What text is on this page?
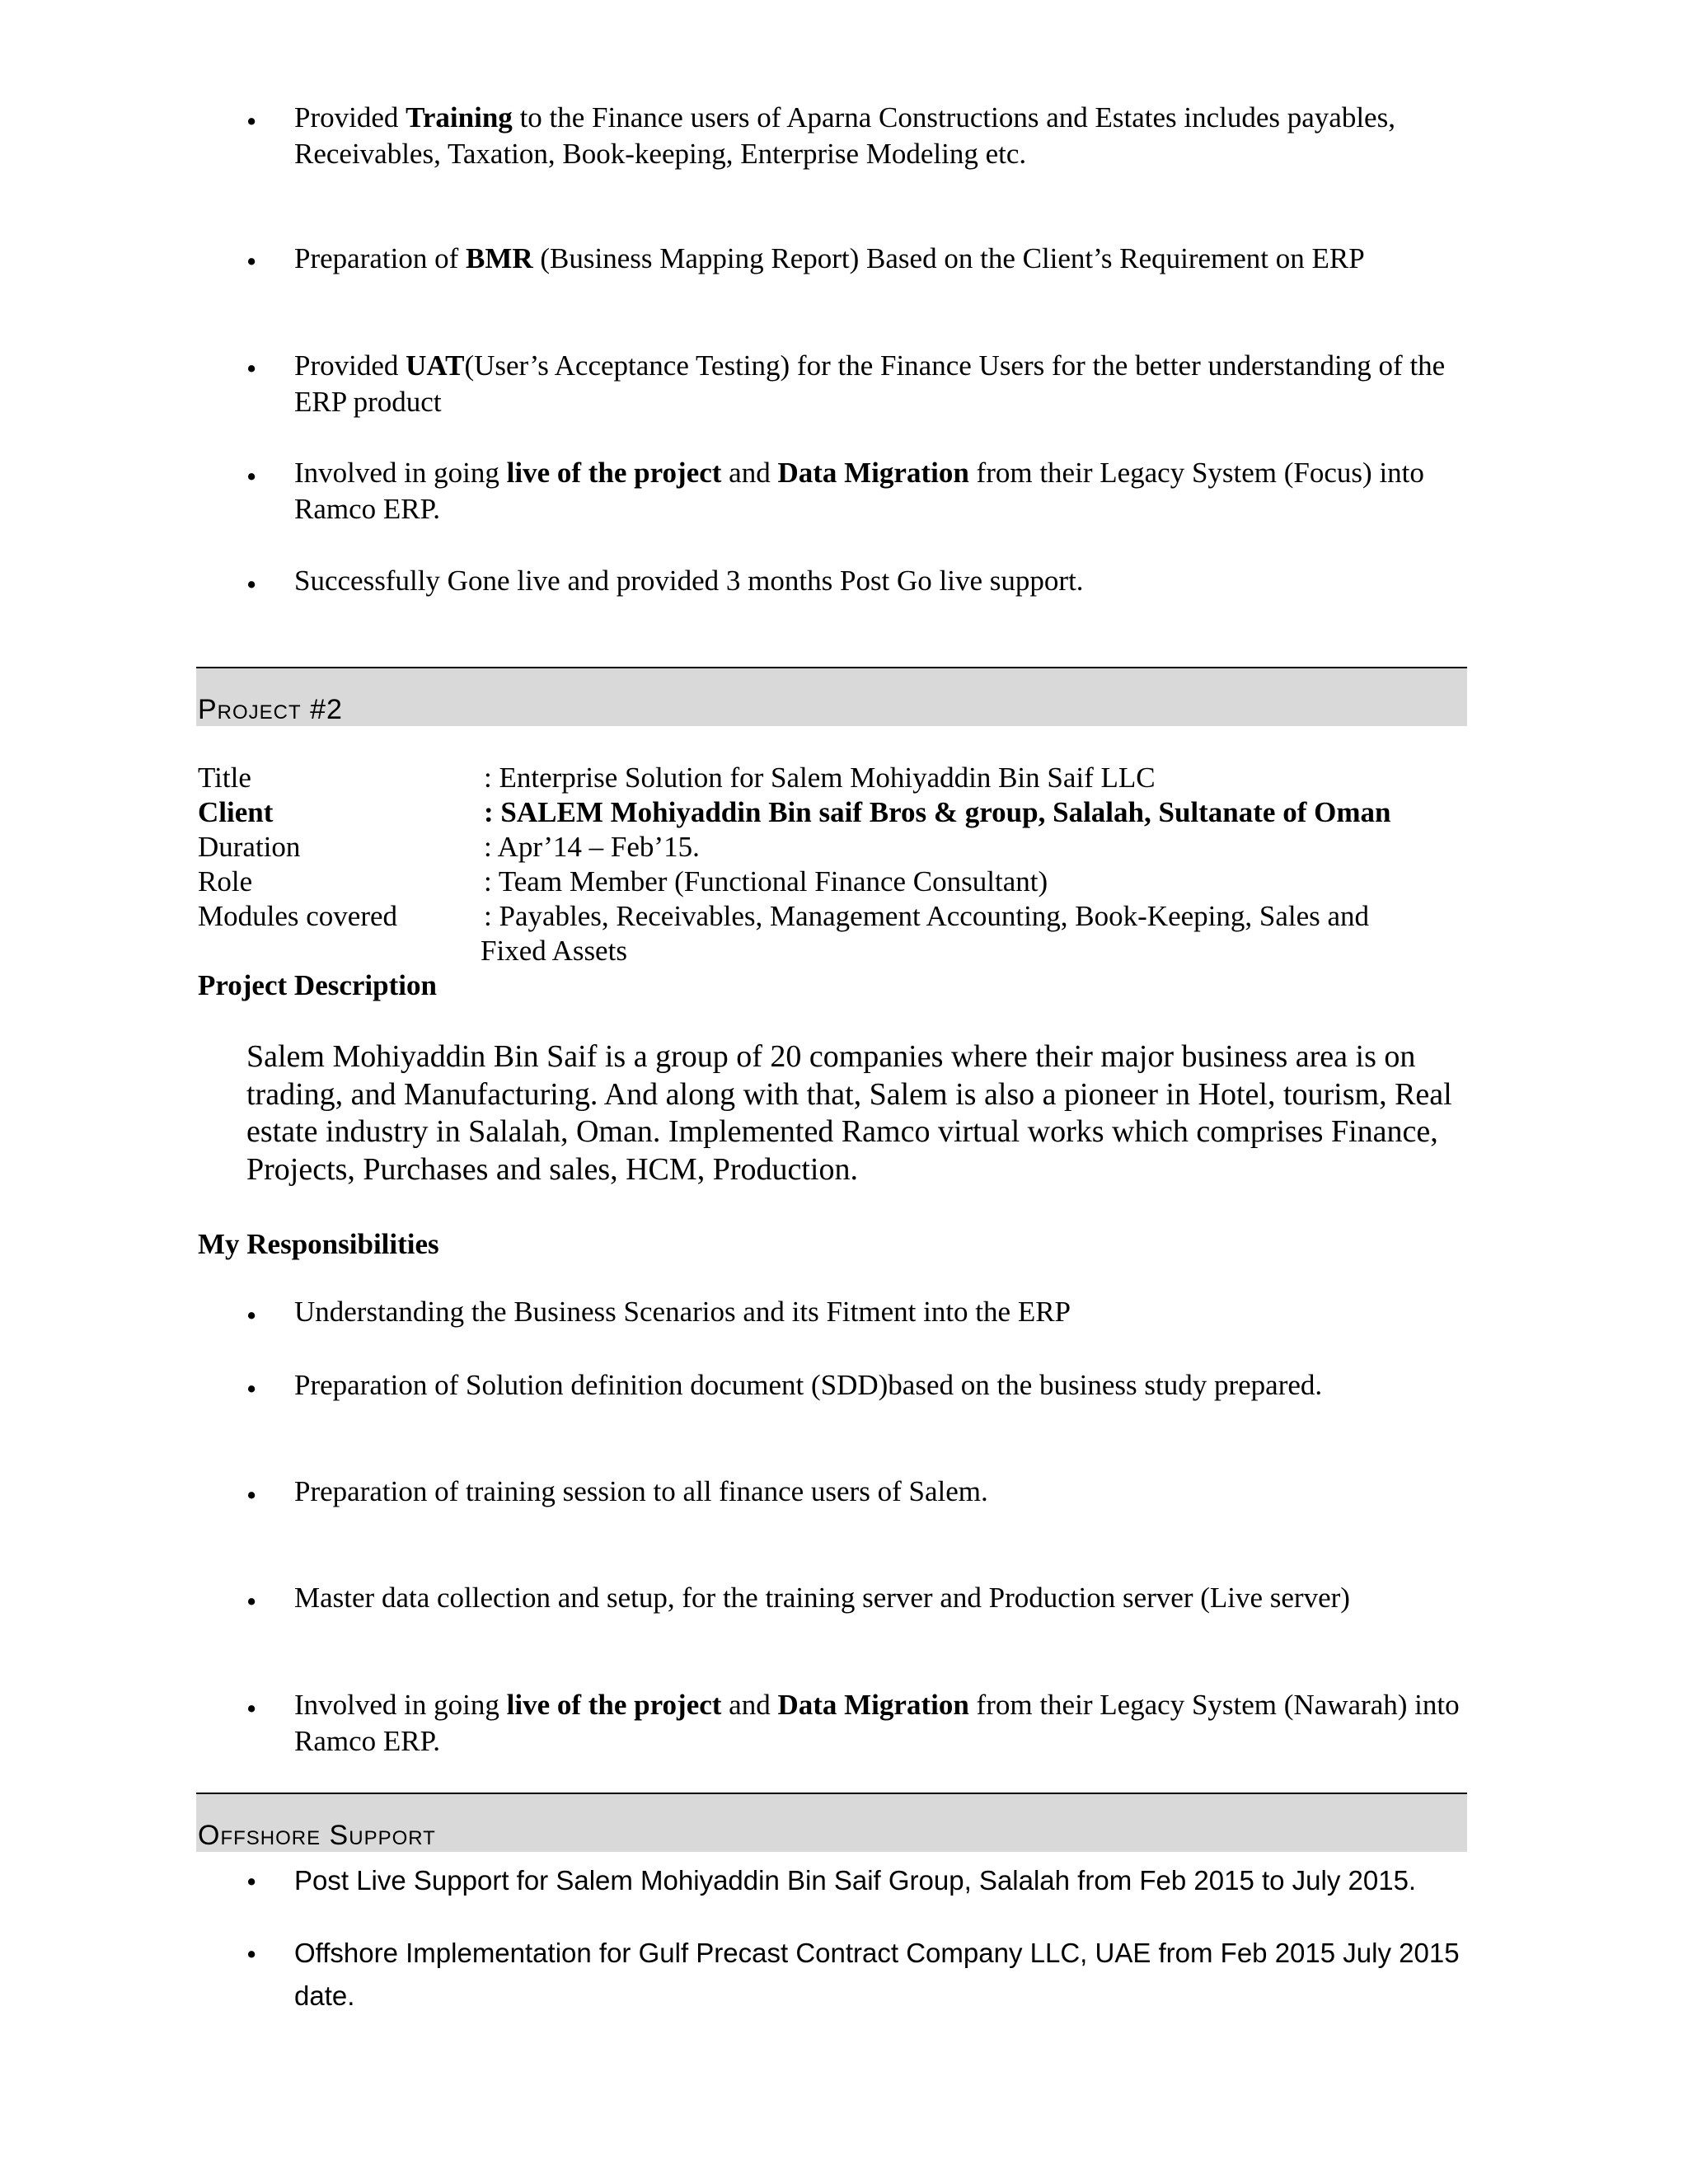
• Provided Training to the Finance users of Aparna Constructions and Estates includes payables, Receivables, Taxation, Book-keeping, Enterprise Modeling etc.
• Preparation of BMR (Business Mapping Report) Based on the Client’s Requirement on ERP
• Provided UAT(User’s Acceptance Testing) for the Finance Users for the better understanding of the ERP product
• Involved in going live of the project and Data Migration from their Legacy System (Focus) into Ramco ERP.
• Successfully Gone live and provided 3 months Post Go live support.
Project #2
Title	: Enterprise Solution for Salem Mohiyaddin Bin Saif LLC
Client	: SALEM Mohiyaddin Bin saif Bros & group, Salalah, Sultanate of Oman
Duration	: Apr’14 – Feb’15.
Role	: Team Member (Functional Finance Consultant)
Modules covered	: Payables, Receivables, Management Accounting, Book-Keeping, Sales and
Fixed Assets
Project Description
Salem Mohiyaddin Bin Saif is a group of 20 companies where their major business area is on trading, and Manufacturing. And along with that, Salem is also a pioneer in Hotel, tourism, Real estate industry in Salalah, Oman. Implemented Ramco virtual works which comprises Finance, Projects, Purchases and sales, HCM, Production.
My Responsibilities
• Understanding the Business Scenarios and its Fitment into the ERP
• Preparation of Solution definition document (SDD)based on the business study prepared.
• Preparation of training session to all finance users of Salem.
• Master data collection and setup, for the training server and Production server (Live server)
• Involved in going live of the project and Data Migration from their Legacy System (Nawarah) into Ramco ERP.
Offshore Support
• Post Live Support for Salem Mohiyaddin Bin Saif Group, Salalah from Feb 2015 to July 2015.
• Offshore Implementation for Gulf Precast Contract Company LLC, UAE from Feb 2015 July 2015 date.
